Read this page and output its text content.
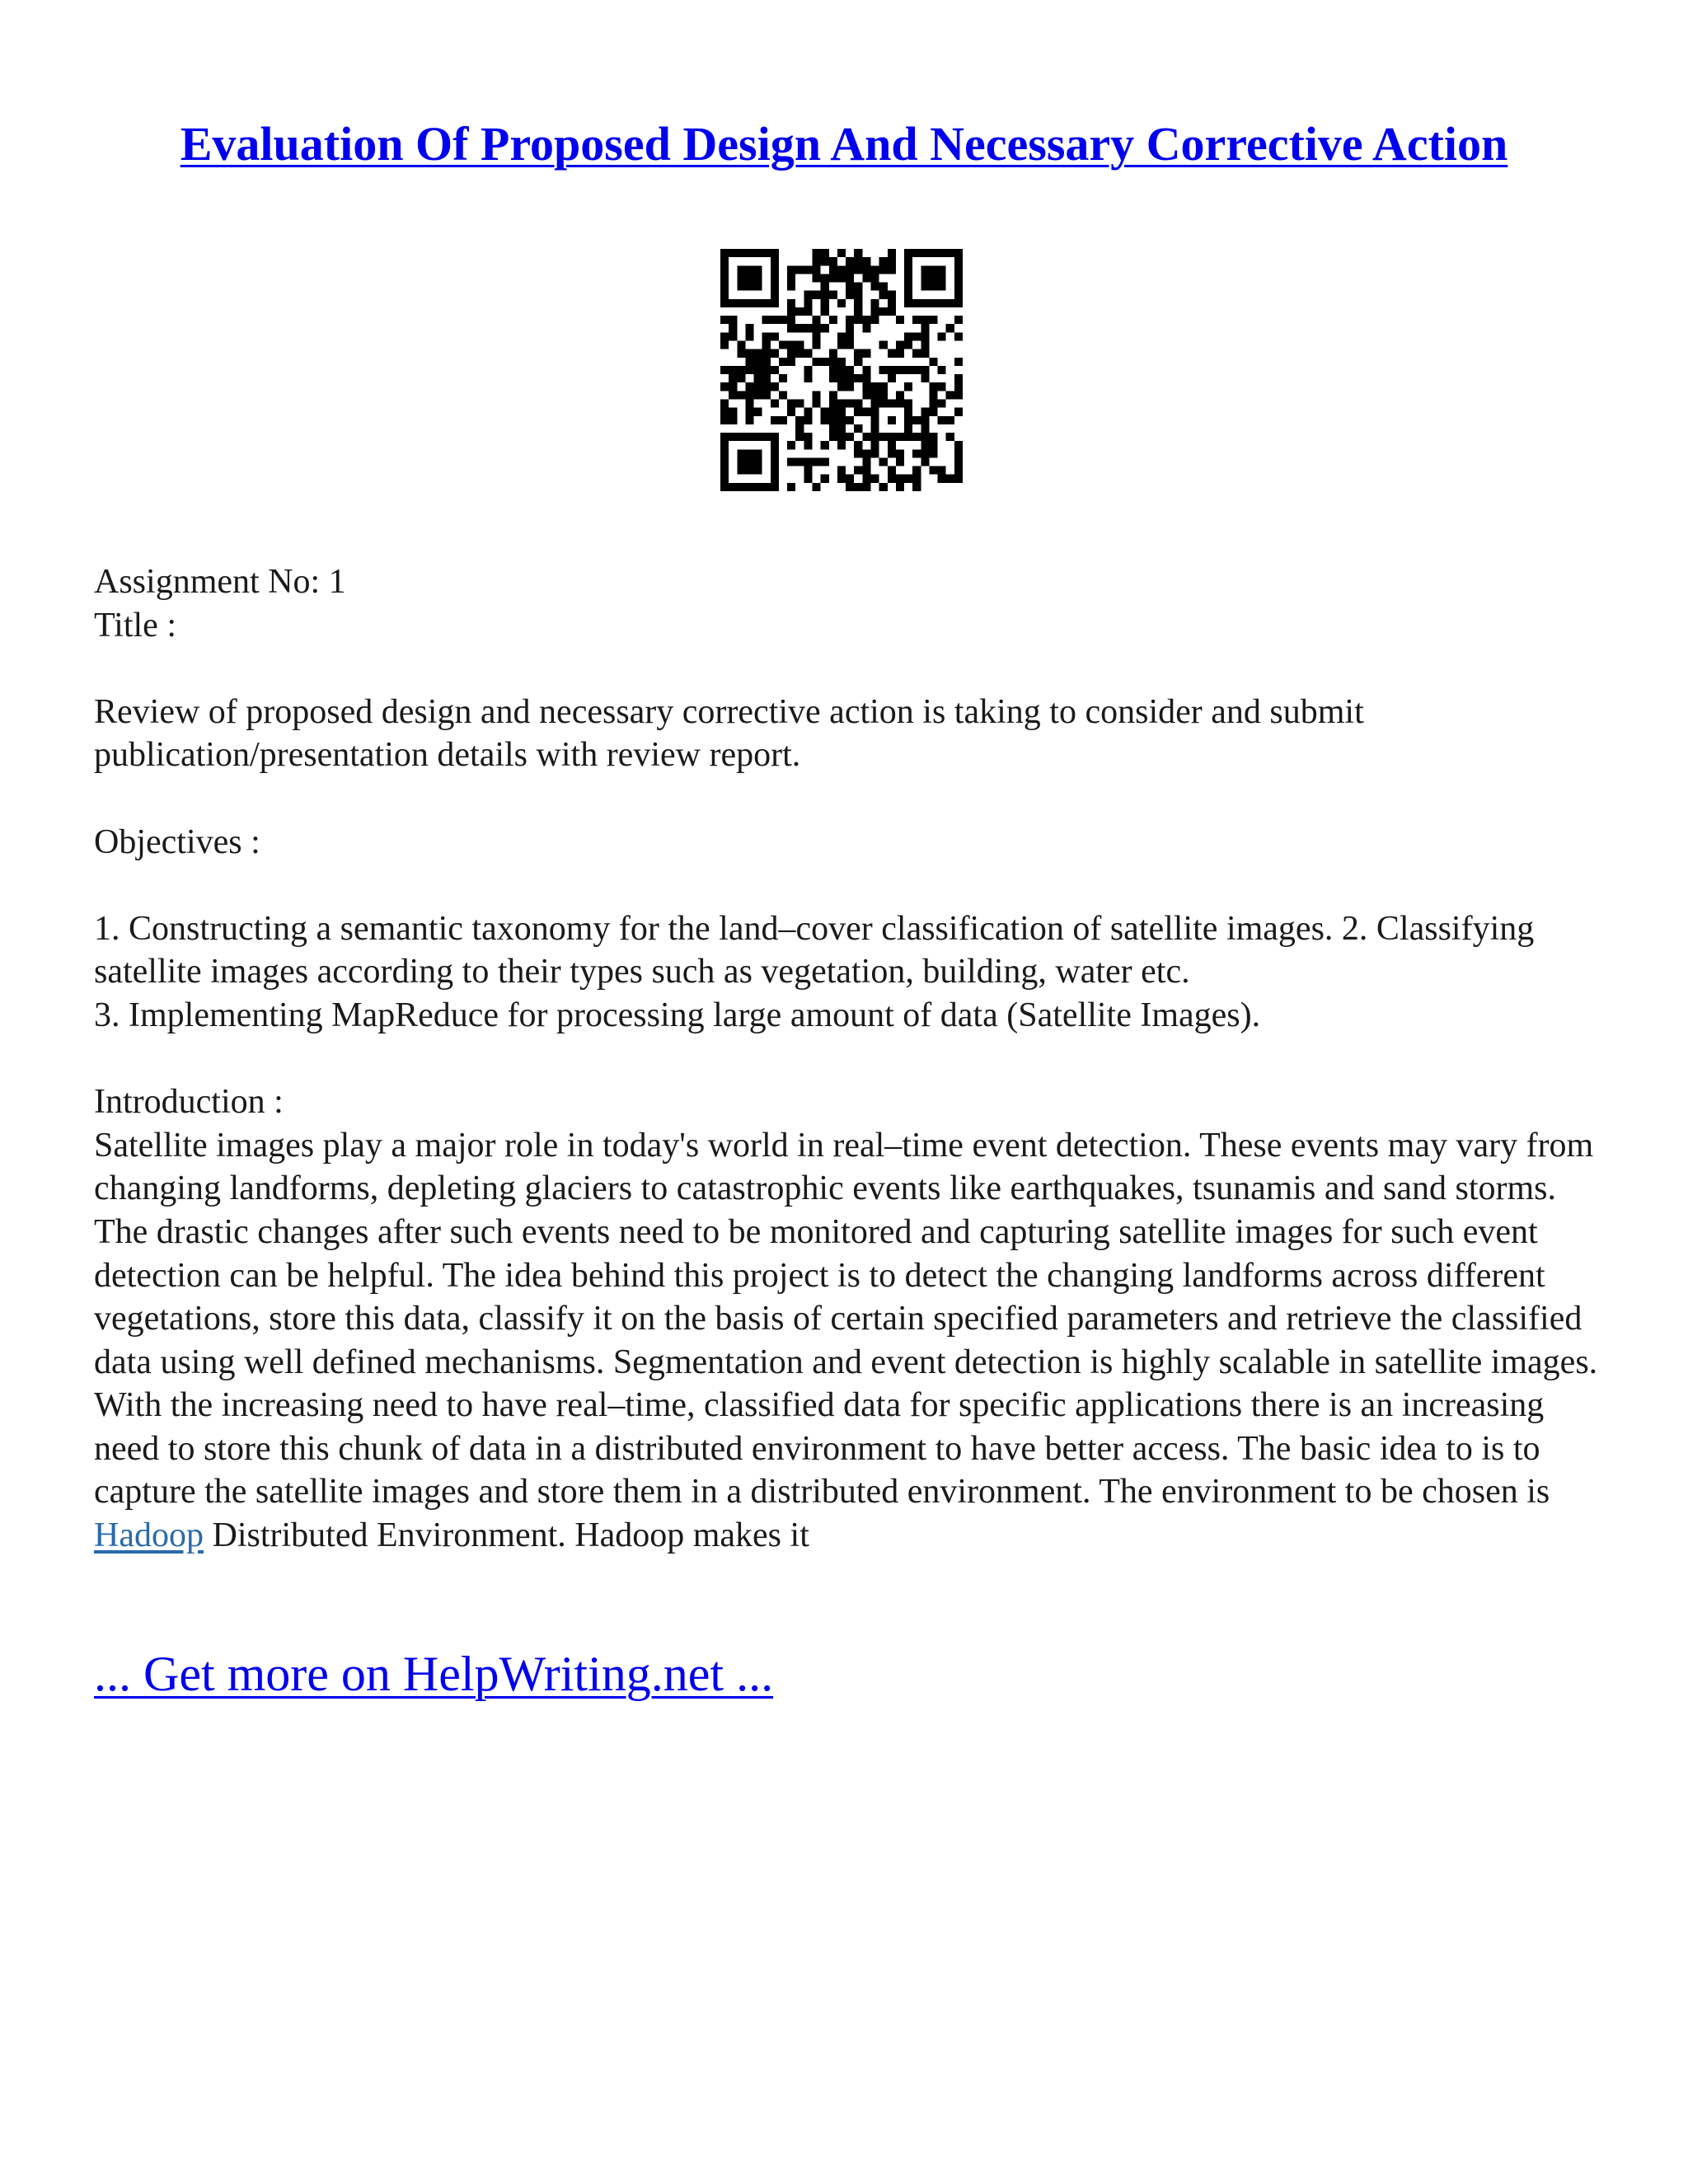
Evaluation Of Proposed Design And Necessary Corrective Action

Assignment No: 1

Title :

Review of proposed design and necessary corrective action is taking to consider and submit publication/presentation details with review report.

Objectives :

1. Constructing a semantic taxonomy for the land–cover classification of satellite images. 2. Classifying satellite images according to their types such as vegetation, building, water etc.
3. Implementing MapReduce for processing large amount of data (Satellite Images).

Introduction :

Satellite images play a major role in today's world in real–time event detection. These events may vary from changing landforms, depleting glaciers to catastrophic events like earthquakes, tsunamis and sand storms. The drastic changes after such events need to be monitored and capturing satellite images for such event detection can be helpful. The idea behind this project is to detect the changing landforms across different vegetations, store this data, classify it on the basis of certain specified parameters and retrieve the classified data using well defined mechanisms. Segmentation and event detection is highly scalable in satellite images. With the increasing need to have real–time, classified data for specific applications there is an increasing need to store this chunk of data in a distributed environment to have better access. The basic idea to is to capture the satellite images and store them in a distributed environment. The environment to be chosen is Hadoop Distributed Environment. Hadoop makes it

... Get more on HelpWriting.net ...
